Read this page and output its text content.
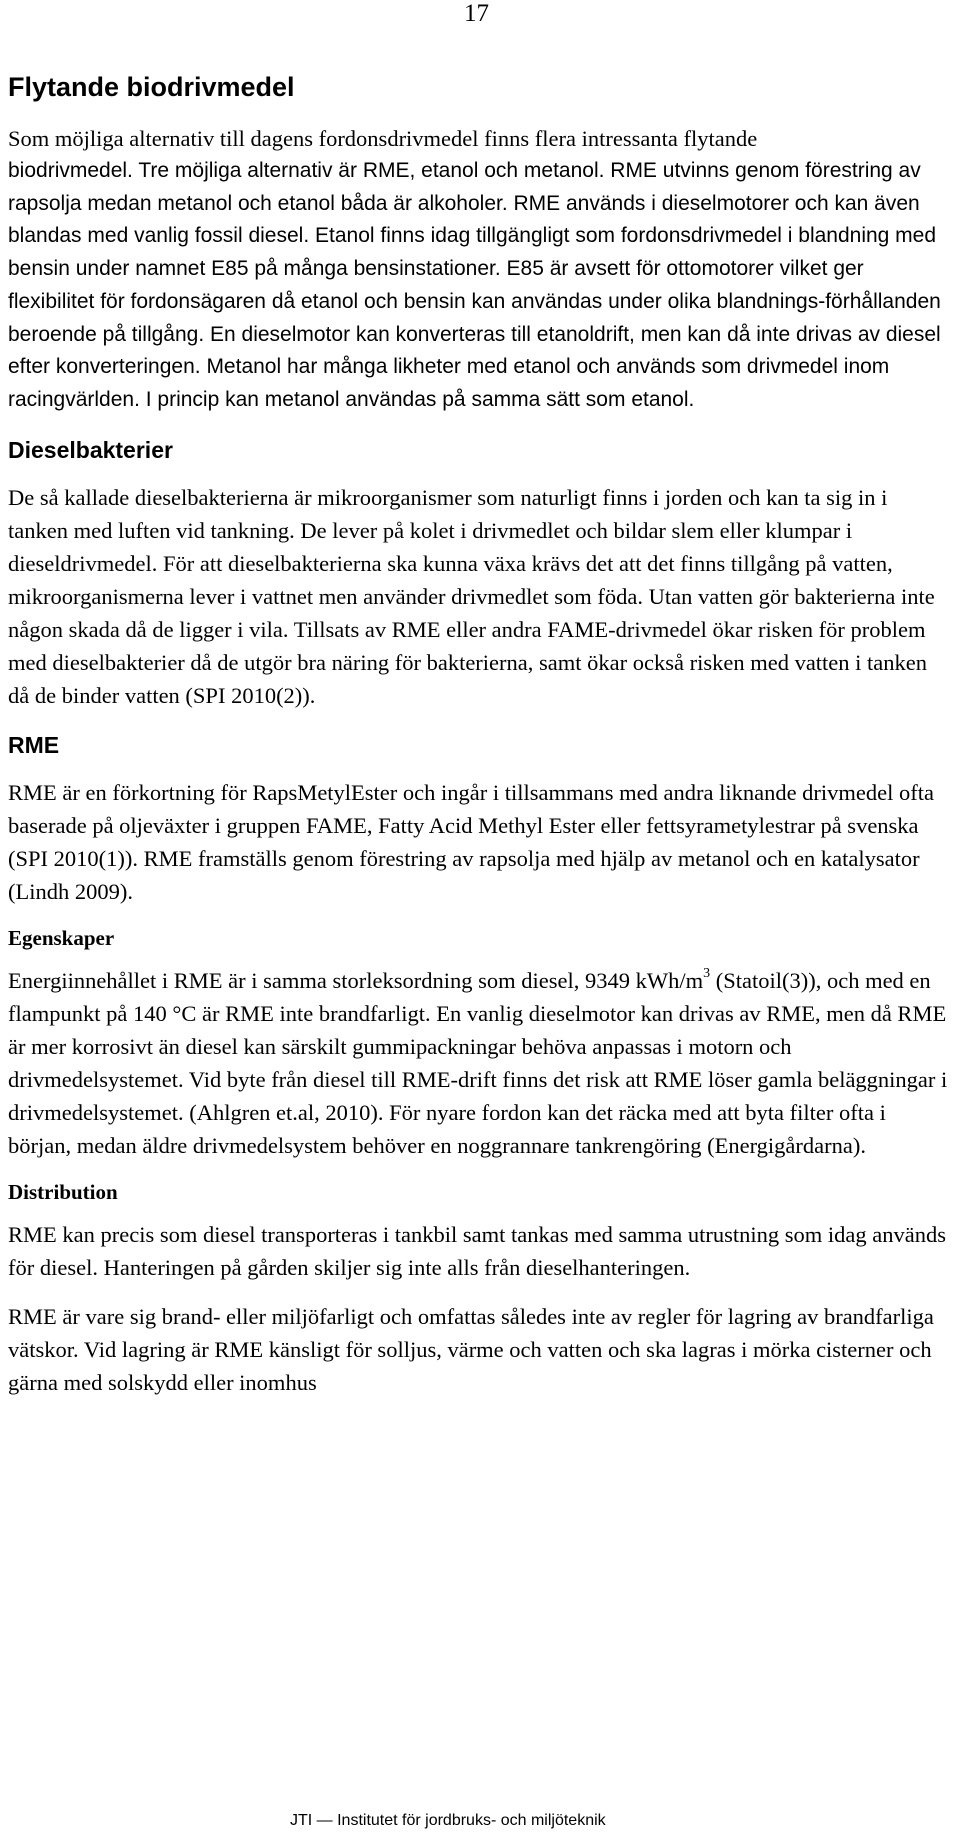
17
Flytande biodrivmedel

Som möjliga alternativ till dagens fordonsdrivmedel finns flera intressanta flytande

biodrivmedel. Tre möjliga alternativ är RME, etanol och metanol. RME utvinns genom förestring av rapsolja medan metanol och etanol båda är alkoholer. RME används i dieselmotorer och kan även blandas med vanlig fossil diesel. Etanol finns idag tillgängligt som fordonsdrivmedel i blandning med bensin under namnet E85 på många bensinstationer. E85 är avsett för ottomotorer vilket ger flexibilitet för fordonsägaren då etanol och bensin kan användas under olika blandnings-förhållanden beroende på tillgång. En dieselmotor kan konverteras till etanoldrift, men kan då inte drivas av diesel efter konverteringen. Metanol har många likheter med etanol och används som drivmedel inom racingvärlden. I princip kan metanol användas på samma sätt som etanol.

Dieselbakterier

De så kallade dieselbakterierna är mikroorganismer som naturligt finns i jorden och kan ta sig in i tanken med luften vid tankning. De lever på kolet i drivmedlet och bildar slem eller klumpar i dieseldrivmedel. För att dieselbakterierna ska kunna växa krävs det att det finns tillgång på vatten, mikroorganismerna lever i vattnet men använder drivmedlet som föda. Utan vatten gör bakterierna inte någon skada då de ligger i vila. Tillsats av RME eller andra FAME-drivmedel ökar risken för problem med dieselbakterier då de utgör bra näring för bakterierna, samt ökar också risken med vatten i tanken då de binder vatten (SPI 2010(2)).

RME

RME är en förkortning för RapsMetylEster och ingår i tillsammans med andra liknande drivmedel ofta baserade på oljeväxter i gruppen FAME, Fatty Acid Methyl Ester eller fettsyrametylestrar på svenska (SPI 2010(1)). RME framställs genom förestring av rapsolja med hjälp av metanol och en katalysator (Lindh 2009).

Egenskaper

Energiinnehållet i RME är i samma storleksordning som diesel, 9349 kWh/$m^3$ (Statoil(3)), och med en flampunkt på 140 °C är RME inte brandfarligt. En vanlig dieselmotor kan drivas av RME, men då RME är mer korrosivt än diesel kan särskilt gummipackningar behöva anpassas i motorn och drivmedelsystemet. Vid byte från diesel till RME-drift finns det risk att RME löser gamla beläggningar i drivmedelsystemet. (Ahlgren et.al, 2010). För nyare fordon kan det räcka med att byta filter ofta i början, medan äldre drivmedelsystem behöver en noggrannare tankrengöring (Energigårdarna).

Distribution

RME kan precis som diesel transporteras i tankbil samt tankas med samma utrustning som idag används för diesel. Hanteringen på gården skiljer sig inte alls från dieselhanteringen.

RME är vare sig brand- eller miljöfarligt och omfattas således inte av regler för lagring av brandfarliga vätskor. Vid lagring är RME känsligt för solljus, värme och vatten och ska lagras i mörka cisterner och gärna med solskydd eller inomhus

JTI — Institutet för jordbruks- och miljöteknik
